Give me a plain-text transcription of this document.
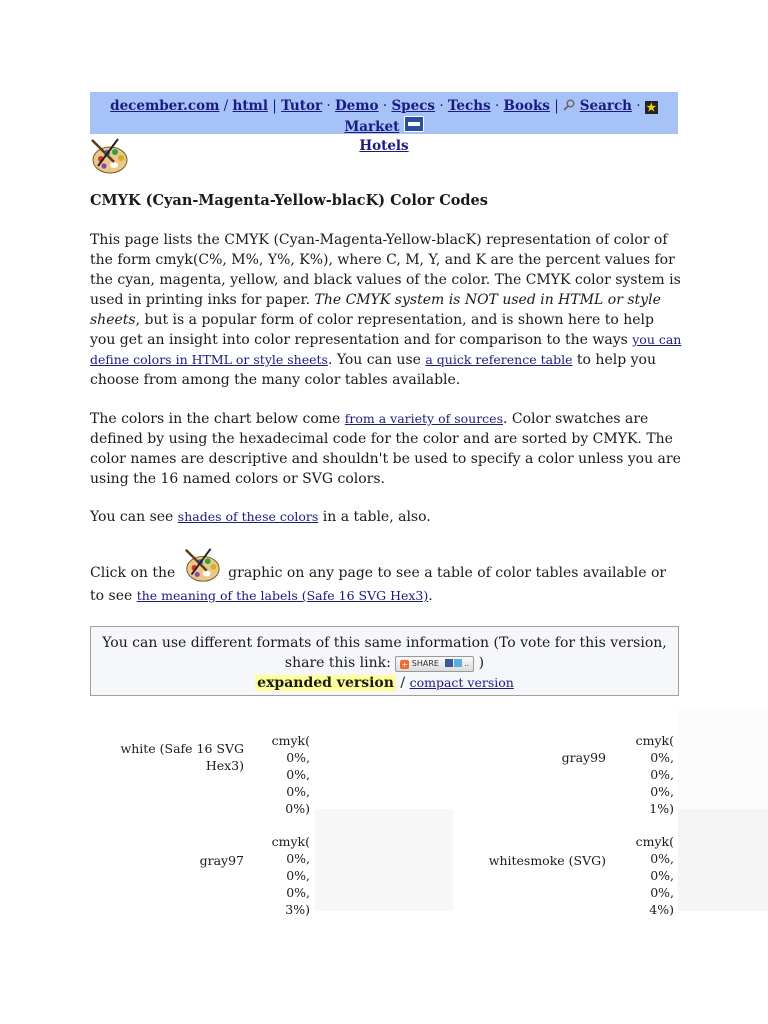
december.com / html | Tutor · Demo · Specs · Techs · Books |  Search · ★ Market
Hotels
CMYK (Cyan-Magenta-Yellow-blacK) Color Codes
This page lists the CMYK (Cyan-Magenta-Yellow-blacK) representation of color of the form cmyk(C%, M%, Y%, K%), where C, M, Y, and K are the percent values for the cyan, magenta, yellow, and black values of the color. The CMYK color system is used in printing inks for paper. The CMYK system is NOT used in HTML or style sheets, but is a popular form of color representation, and is shown here to help you get an insight into color representation and for comparison to the ways you can define colors in HTML or style sheets. You can use a quick reference table to help you choose from among the many color tables available.
The colors in the chart below come from a variety of sources. Color swatches are defined by using the hexadecimal code for the color and are sorted by CMYK. The color names are descriptive and shouldn't be used to specify a color unless you are using the 16 named colors or SVG colors.
You can see shades of these colors in a table, also.
Click on the	graphic on any page to see a table of color tables available or to see the meaning of the labels (Safe 16 SVG Hex3).
You can use different formats of this same information (To vote for this version, share this link: + SHARE	.. )
expanded version / compact version
white (Safe 16 SVG Hex3)
cmyk(
0%,
0%,
0%,
0%)
gray99
cmyk(
0%,
0%,
0%,
1%)
gray97
cmyk(
0%,
0%,
0%,
3%)
whitesmoke (SVG)
cmyk(
0%,
0%,
0%,
4%)
